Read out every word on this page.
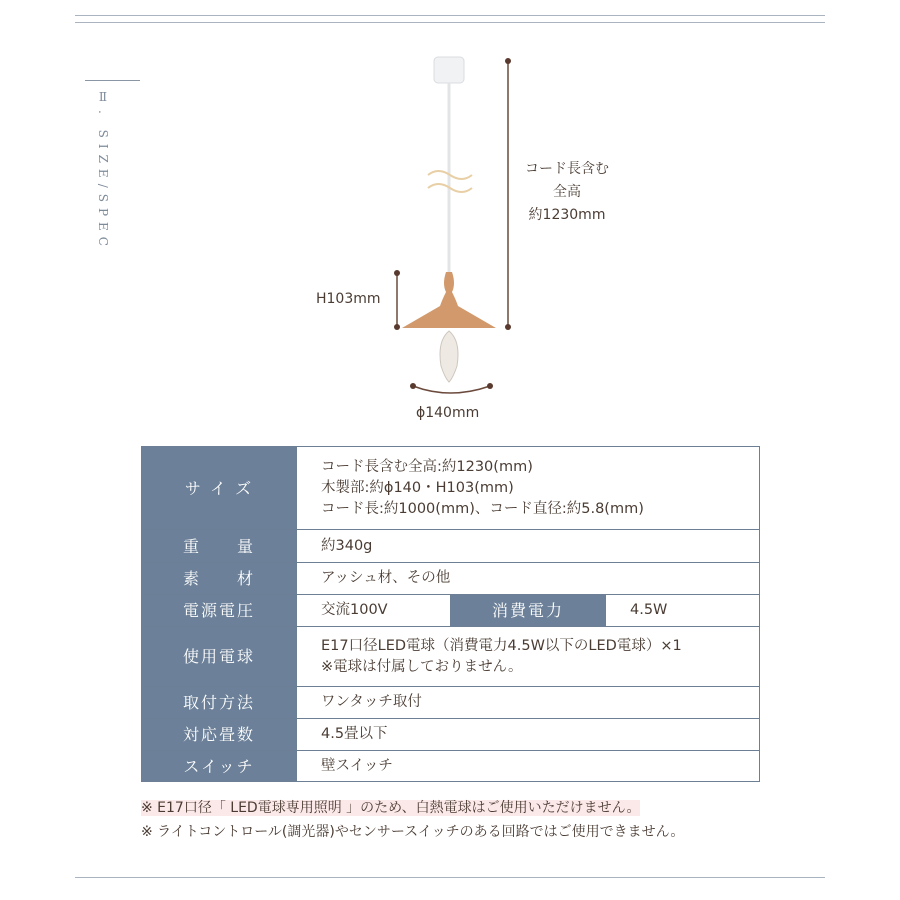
Ⅱ. SIZE/SPEC	コード長含む
全高
約1230mm
H103mm
ϕ140mm
サ イ ズ	コード長含む全高:約1230(mm)
木製部:約ϕ140・H103(mm)
コード長:約1000(mm)、コード直径:約5.8(mm)		

重　　量	約340g		
素　　材	アッシュ材、その他		
電源電圧	交流100V	消費電力	4.5W
使用電球	E17口径LED電球（消費電力4.5W以下のLED電球）×1
※電球は付属しておりません。		

取付方法	ワンタッチ取付		
対応畳数	4.5畳以下		
スイッチ	壁スイッチ		
※ E17口径「 LED電球専用照明 」のため、白熱電球はご使用いただけません。
※ ライトコントロール(調光器)やセンサースイッチのある回路ではご使用できません。
